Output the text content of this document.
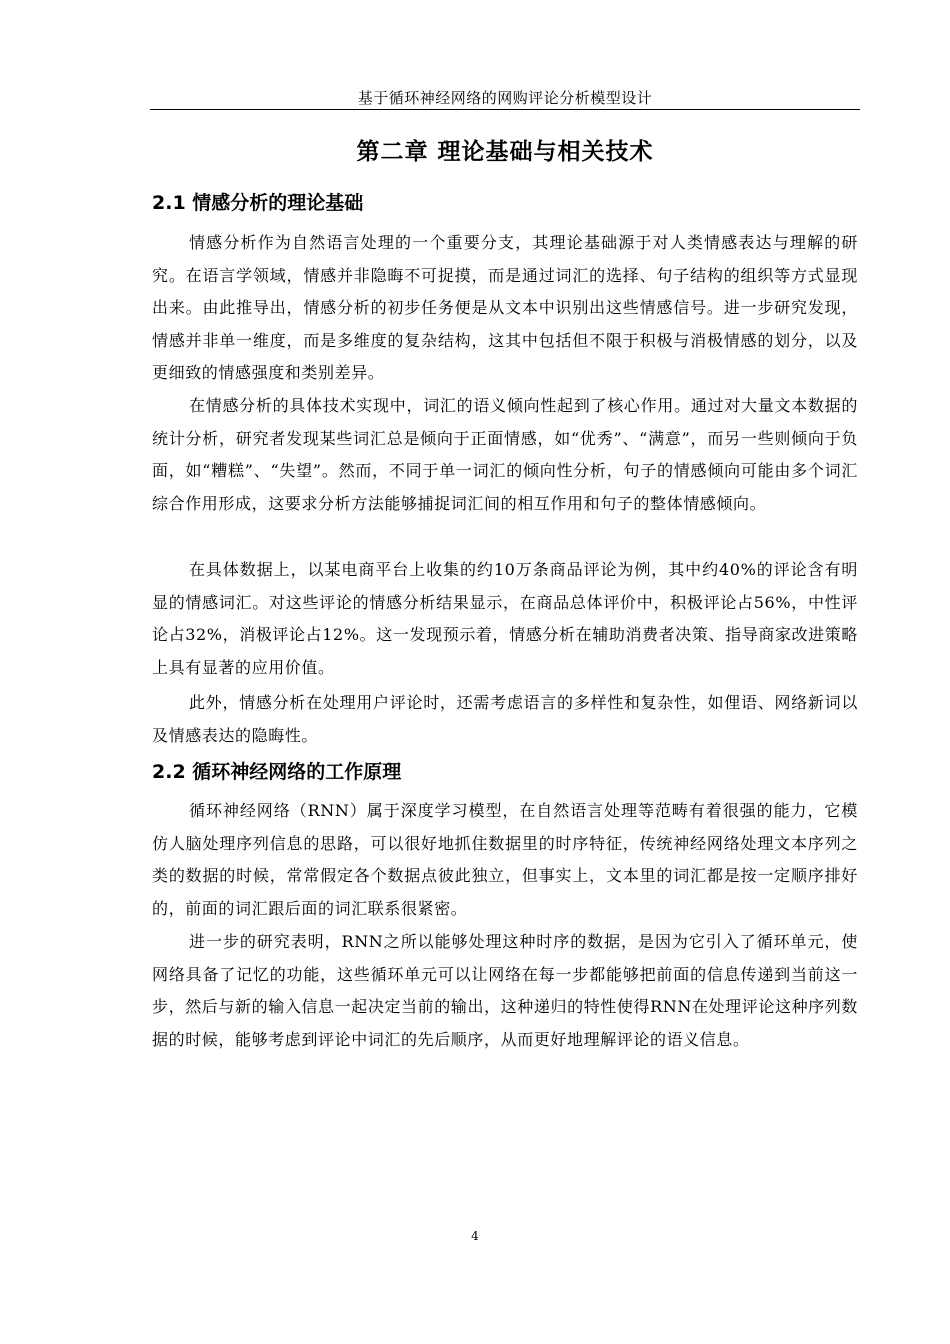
基于循环神经网络的网购评论分析模型设计
第二章 理论基础与相关技术
2.1 情感分析的理论基础

情感分析作为自然语言处理的一个重要分支，其理论基础源于对人类情感表达与理解的研究。在语言学领域，情感并非隐晦不可捉摸，而是通过词汇的选择、句子结构的组织等方式显现出来。由此推导出，情感分析的初步任务便是从文本中识别出这些情感信号。进一步研究发现，情感并非单一维度，而是多维度的复杂结构，这其中包括但不限于积极与消极情感的划分，以及更细致的情感强度和类别差异。

在情感分析的具体技术实现中，词汇的语义倾向性起到了核心作用。通过对大量文本数据的统计分析，研究者发现某些词汇总是倾向于正面情感，如“优秀”、“满意”，而另一些则倾向于负面，如“糟糕”、“失望”。然而，不同于单一词汇的倾向性分析，句子的情感倾向可能由多个词汇综合作用形成，这要求分析方法能够捕捉词汇间的相互作用和句子的整体情感倾向。

在具体数据上，以某电商平台上收集的约10万条商品评论为例，其中约40%的评论含有明显的情感词汇。对这些评论的情感分析结果显示，在商品总体评价中，积极评论占56%，中性评论占32%，消极评论占12%。这一发现预示着，情感分析在辅助消费者决策、指导商家改进策略上具有显著的应用价值。

此外，情感分析在处理用户评论时，还需考虑语言的多样性和复杂性，如俚语、网络新词以及情感表达的隐晦性。

2.2 循环神经网络的工作原理

循环神经网络（RNN）属于深度学习模型，在自然语言处理等范畴有着很强的能力，它模仿人脑处理序列信息的思路，可以很好地抓住数据里的时序特征，传统神经网络处理文本序列之类的数据的时候，常常假定各个数据点彼此独立，但事实上，文本里的词汇都是按一定顺序排好的，前面的词汇跟后面的词汇联系很紧密。

进一步的研究表明，RNN之所以能够处理这种时序的数据，是因为它引入了循环单元，使网络具备了记忆的功能，这些循环单元可以让网络在每一步都能够把前面的信息传递到当前这一步，然后与新的输入信息一起决定当前的输出，这种递归的特性使得RNN在处理评论这种序列数据的时候，能够考虑到评论中词汇的先后顺序，从而更好地理解评论的语义信息。

4
